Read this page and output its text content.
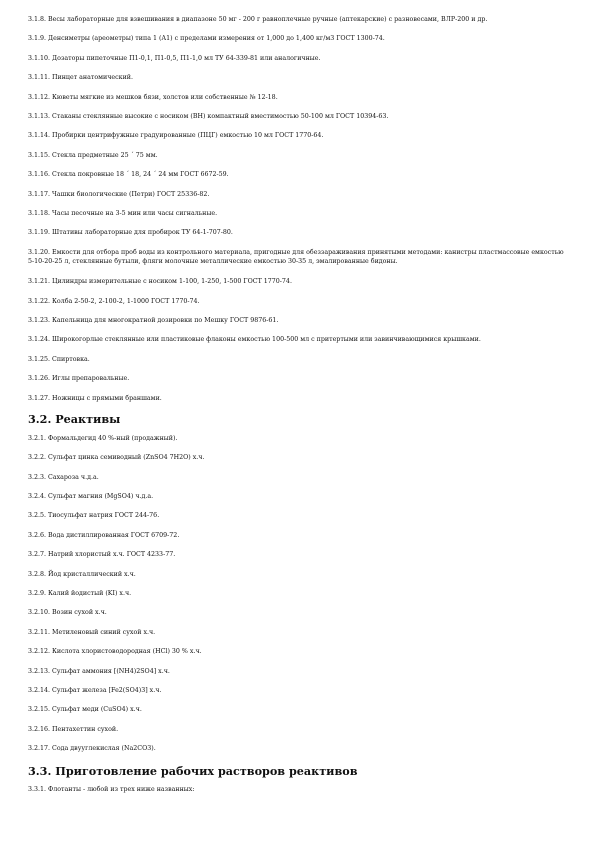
3.1.8. Весы лабораторные для взвешивания в диапазоне 50 мг - 200 г равноплечные ручные (аптекарские) с разновесами, ВЛР-200 и др.
3.1.9. Денсиметры (ареометры) типа 1 (А1) с пределами измерения от 1,000 до 1,400 кг/м3 ГОСТ 1300-74.
3.1.10. Дозаторы пипеточные П1-0,1, П1-0,5, П1-1,0 мл ТУ 64-339-81 или аналогичные.
3.1.11. Пинцет анатомический.
3.1.12. Кюветы мягкие из мешков бязи, холстов или собственные № 12-18.
3.1.13. Стаканы стеклянные высокие с носиком (ВН) компактный вместимостью 50-100 мл ГОСТ 10394-63.
3.1.14. Пробирки центрифужные градуированные (ПЦГ) емкостью 10 мл ГОСТ 1770-64.
3.1.15. Стекла предметные 25 ´ 75 мм.
3.1.16. Стекла покровные 18 ´ 18, 24 ´ 24 мм ГОСТ 6672-59.
3.1.17. Чашки биологические (Петри) ГОСТ 25336-82.
3.1.18. Часы песочные на 3-5 мин или часы сигнальные.
3.1.19. Штативы лабораторные для пробирок ТУ 64-1-707-80.
3.1.20. Емкости для отбора проб воды из контрольного материала, пригодные для обеззараживания принятыми методами: канистры пластмассовые емкостью 5-10-20-25 л, стеклянные бутыли, фляги молочные металлические емкостью 30-35 л, эмалированные бидоны.
3.1.21. Цилиндры измерительные с носиком 1-100, 1-250, 1-500 ГОСТ 1770-74.
3.1.22. Колба 2-50-2, 2-100-2, 1-1000 ГОСТ 1770-74.
3.1.23. Капельница для многократной дозировки по Мешку ГОСТ 9876-61.
3.1.24. Широкогорлые стеклянные или пластиковые флаконы емкостью 100-500 мл с притертыми или завинчивающимися крышками.
3.1.25. Спиртовка.
3.1.26. Иглы препаровальные.
3.1.27. Ножницы с прямыми браншами.
3.2. Реактивы
3.2.1. Формальдегид 40 %-ный (продажный).
3.2.2. Сульфат цинка семиводный (ZnSO4 7H2O) х.ч.
3.2.3. Сахароза ч.д.а.
3.2.4. Сульфат магния (MgSO4) ч.д.а.
3.2.5. Тиосульфат натрия ГОСТ 244-76.
3.2.6. Вода дистиллированная ГОСТ 6709-72.
3.2.7. Натрий хлористый х.ч. ГОСТ 4233-77.
3.2.8. Йод кристаллический х.ч.
3.2.9. Калий йодистый (KI) х.ч.
3.2.10. Возин сухой х.ч.
3.2.11. Метиленовый синий сухой х.ч.
3.2.12. Кислота хлористоводородная (HCl) 30 % х.ч.
3.2.13. Сульфат аммония [(NH4)2SO4] х.ч.
3.2.14. Сульфат железа [Fe2(SO4)3] х.ч.
3.2.15. Сульфат меди (CuSO4) х.ч.
3.2.16. Пентахеттин сухой.
3.2.17. Сода двууглекислая (Na2CO3).
3.3. Приготовление рабочих растворов реактивов
3.3.1. Флотанты - любой из трех ниже названных:
